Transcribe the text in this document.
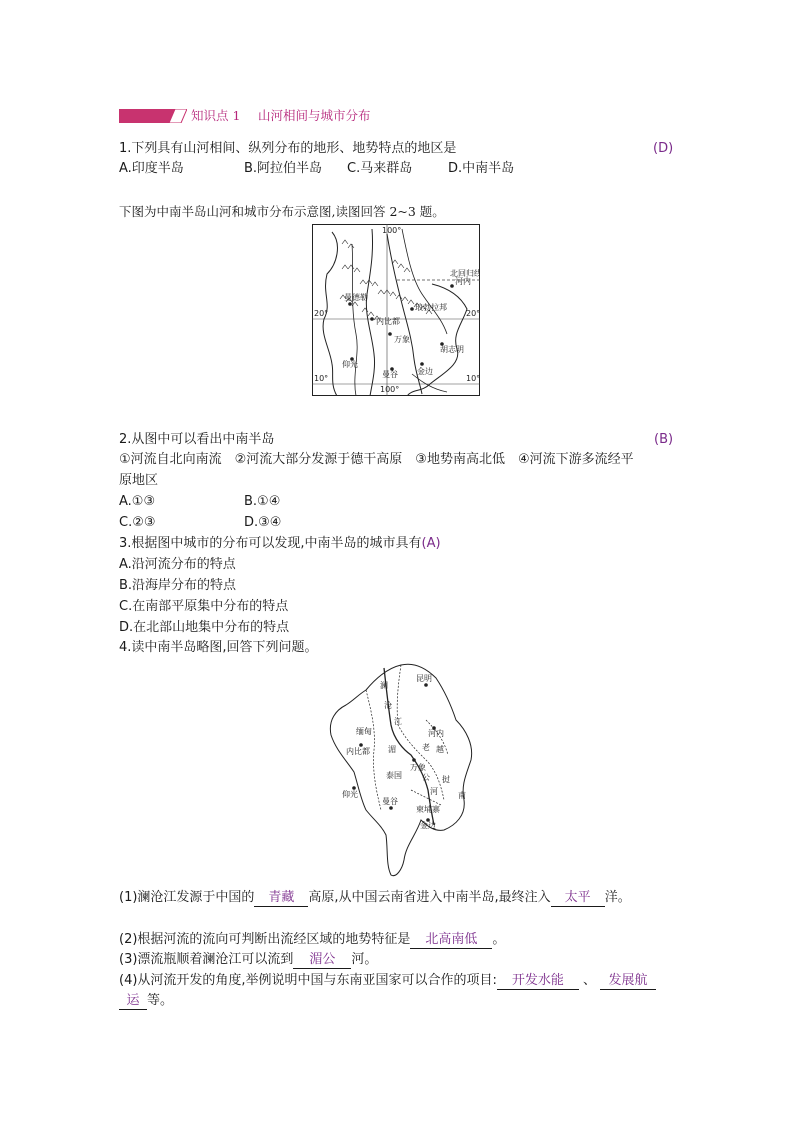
知识点 1 山河相间与城市分布
1.下列具有山河相间、纵列分布的地形、地势特点的地区是	(D)
A.印度半岛	B.阿拉伯半岛 C.马来群岛	D.中南半岛
下图为中南半岛山河和城市分布示意图,读图回答 2~3 题。
100°
100°
20°	20°
10°	10°
北回归线
河内
琅勃拉邦
万象
曼谷 金边
仰光
曼德勒
内比都
胡志明
2.从图中可以看出中南半岛	(B)
①河流自北向南流　②河流大部分发源于德干高原　③地势南高北低　④河流下游多流经平
原地区
A.①③	B.①④
C.②③	D.③④
3.根据图中城市的分布可以发现,中南半岛的城市具有(A)
A.沿河流分布的特点
B.沿海岸分布的特点
C.在南部平原集中分布的特点
D.在北部山地集中分布的特点
4.读中南半岛略图,回答下列问题。
澜
沧
江
昆明
缅甸
内比都
仰光
河内
越
湄	老
万象
泰国	公 挝
河	南
曼谷
柬埔寨
金边
(1)澜沧江发源于中国的 青藏 高原,从中国云南省进入中南半岛,最终注入 太平 洋。
(2)根据河流的流向可判断出流经区域的地势特征是 北高南低 。
(3)漂流瓶顺着澜沧江可以流到 湄公 河。
(4)从河流开发的角度,举例说明中国与东南亚国家可以合作的项目: 开发水能 、 发展航
运 等。
